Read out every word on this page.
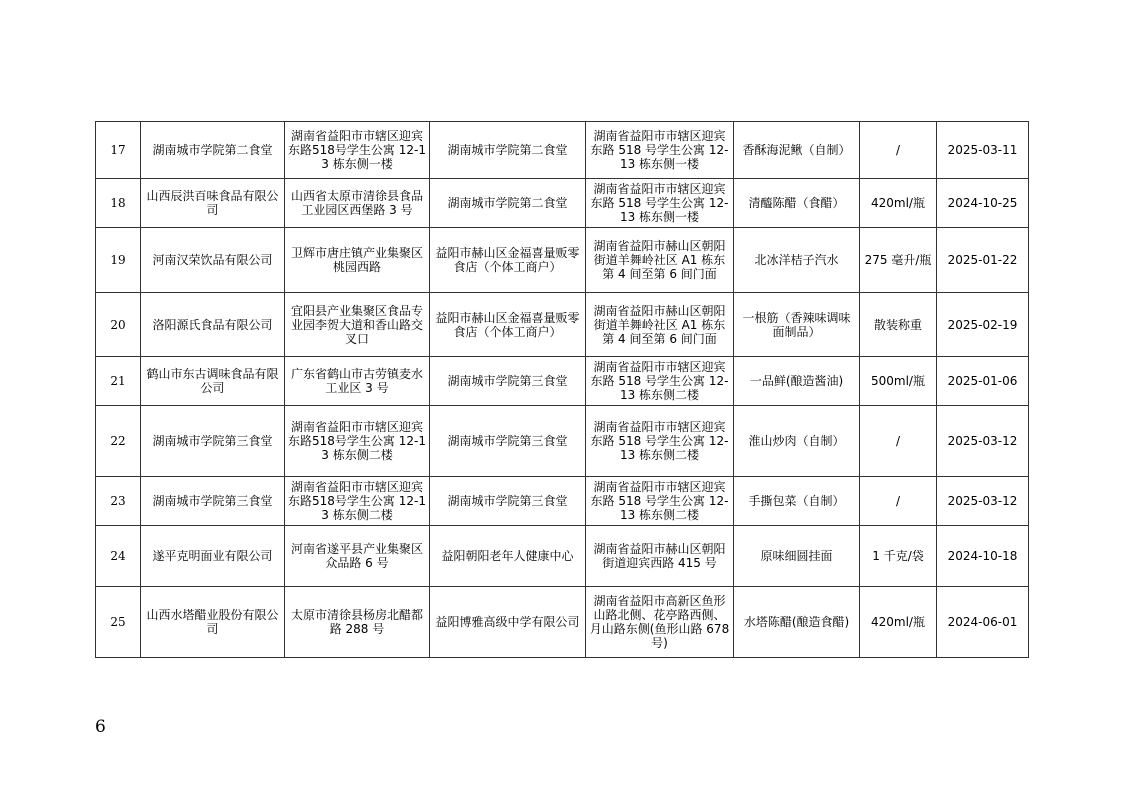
17	湖南城市学院第二食堂	湖南省益阳市市辖区迎宾东路518号学生公寓 12-13 栋东侧一楼	湖南城市学院第二食堂	湖南省益阳市市辖区迎宾东路 518 号学生公寓 12-13 栋东侧一楼	香酥海泥鳅（自制）	/	2025-03-11
18	山西辰洪百味食品有限公司	山西省太原市清徐县食品工业园区西堡路 3 号	湖南城市学院第二食堂	湖南省益阳市市辖区迎宾东路 518 号学生公寓 12-13 栋东侧一楼	清醯陈醋（食醋）	420ml/瓶	2024-10-25
19	河南汉荣饮品有限公司	卫辉市唐庄镇产业集聚区桃园西路	益阳市赫山区金福喜量贩零食店（个体工商户）	湖南省益阳市赫山区朝阳街道羊舞岭社区 A1 栋东第 4 间至第 6 间门面	北冰洋桔子汽水	275 毫升/瓶	2025-01-22
20	洛阳源氏食品有限公司	宜阳县产业集聚区食品专业园李贺大道和香山路交叉口	益阳市赫山区金福喜量贩零食店（个体工商户）	湖南省益阳市赫山区朝阳街道羊舞岭社区 A1 栋东第 4 间至第 6 间门面	一根筋（香辣味调味面制品）	散装称重	2025-02-19
21	鹤山市东古调味食品有限公司	广东省鹤山市古劳镇麦水工业区 3 号	湖南城市学院第三食堂	湖南省益阳市市辖区迎宾东路 518 号学生公寓 12-13 栋东侧二楼	一品鲜(酿造酱油)	500ml/瓶	2025-01-06
22	湖南城市学院第三食堂	湖南省益阳市市辖区迎宾东路518号学生公寓 12-13 栋东侧二楼	湖南城市学院第三食堂	湖南省益阳市市辖区迎宾东路 518 号学生公寓 12-13 栋东侧二楼	淮山炒肉（自制）	/	2025-03-12
23	湖南城市学院第三食堂	湖南省益阳市市辖区迎宾东路518号学生公寓 12-13 栋东侧二楼	湖南城市学院第三食堂	湖南省益阳市市辖区迎宾东路 518 号学生公寓 12-13 栋东侧二楼	手撕包菜（自制）	/	2025-03-12
24	遂平克明面业有限公司	河南省遂平县产业集聚区众品路 6 号	益阳朝阳老年人健康中心	湖南省益阳市赫山区朝阳街道迎宾西路 415 号	原味细圆挂面	1 千克/袋	2024-10-18
25	山西水塔醋业股份有限公司	太原市清徐县杨房北醋都路 288 号	益阳博雅高级中学有限公司	湖南省益阳市高新区鱼形山路北侧、花亭路西侧、月山路东侧(鱼形山路 678 号)	水塔陈醋(酿造食醋)	420ml/瓶	2024-06-01
6
